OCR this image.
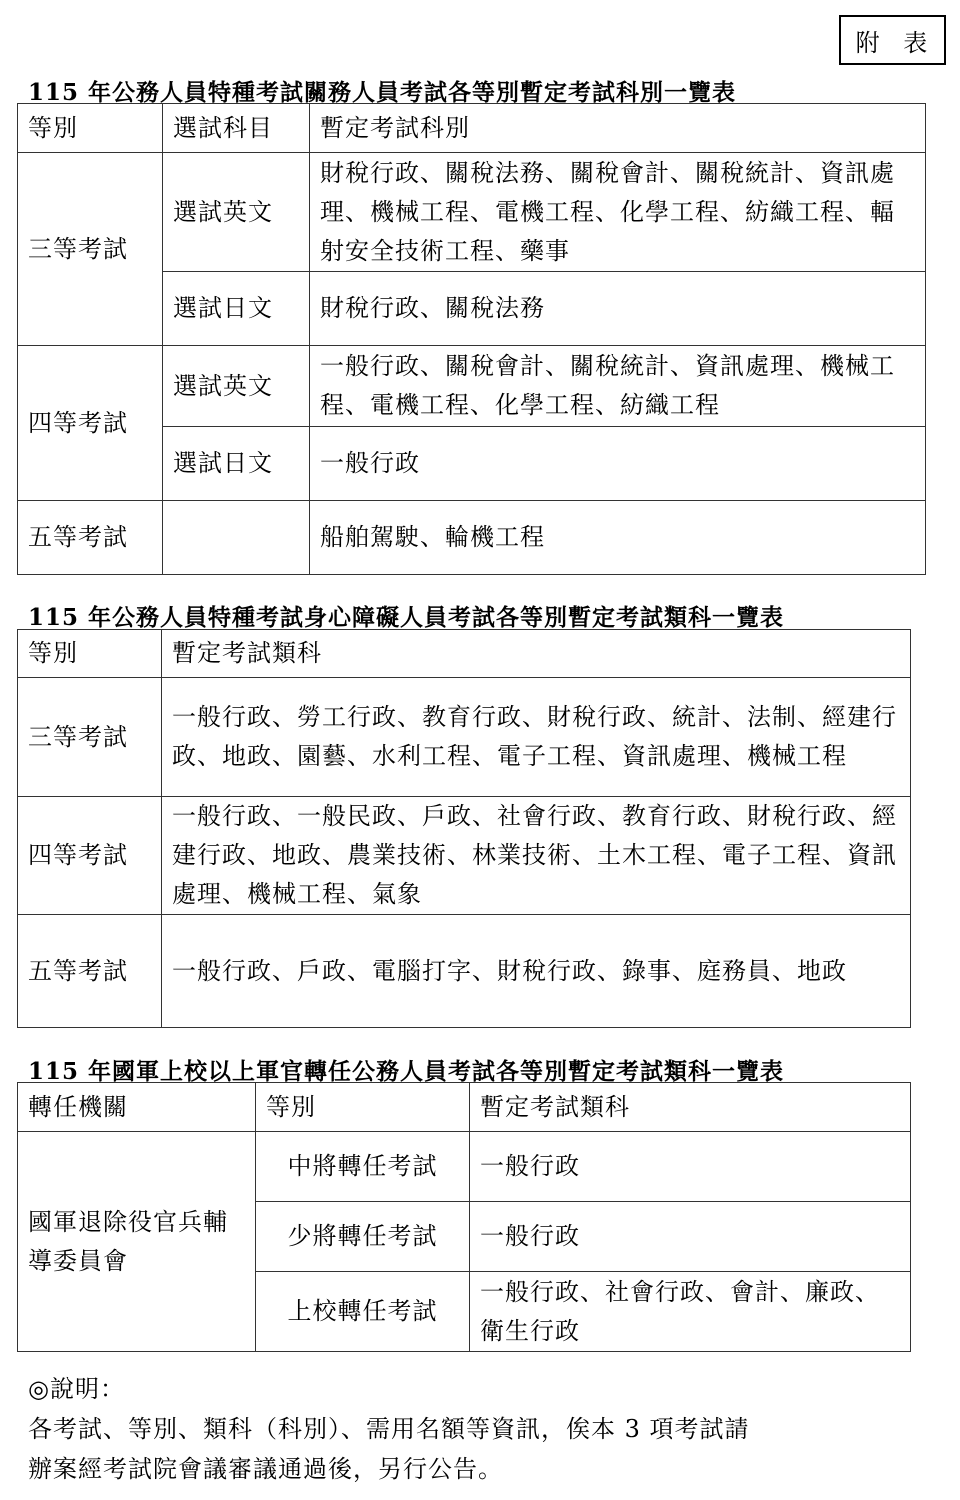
附 表
115 年公務人員特種考試關務人員考試各等別暫定考試科別一覽表
等別	選試科目	暫定考試科別
三等考試	選試英文	財稅行政、關稅法務、關稅會計、關稅統計、資訊處理、機械工程、電機工程、化學工程、紡織工程、輻射安全技術工程、藥事
	選試日文	財稅行政、關稅法務
四等考試	選試英文	一般行政、關稅會計、關稅統計、資訊處理、機械工程、電機工程、化學工程、紡織工程
	選試日文	一般行政
五等考試		船舶駕駛、輪機工程
115 年公務人員特種考試身心障礙人員考試各等別暫定考試類科一覽表
等別	暫定考試類科
三等考試	一般行政、勞工行政、教育行政、財稅行政、統計、法制、經建行政、地政、園藝、水利工程、電子工程、資訊處理、機械工程
四等考試	一般行政、一般民政、戶政、社會行政、教育行政、財稅行政、經建行政、地政、農業技術、林業技術、土木工程、電子工程、資訊處理、機械工程、氣象
五等考試	一般行政、戶政、電腦打字、財稅行政、錄事、庭務員、地政
115 年國軍上校以上軍官轉任公務人員考試各等別暫定考試類科一覽表
轉任機關	等別	暫定考試類科
國軍退除役官兵輔導委員會	中將轉任考試	一般行政
	少將轉任考試	一般行政
	上校轉任考試	一般行政、社會行政、會計、廉政、衛生行政
◎說明：
各考試、等別、類科（科別）、需用名額等資訊，俟本 3 項考試請
辦案經考試院會議審議通過後，另行公告。
